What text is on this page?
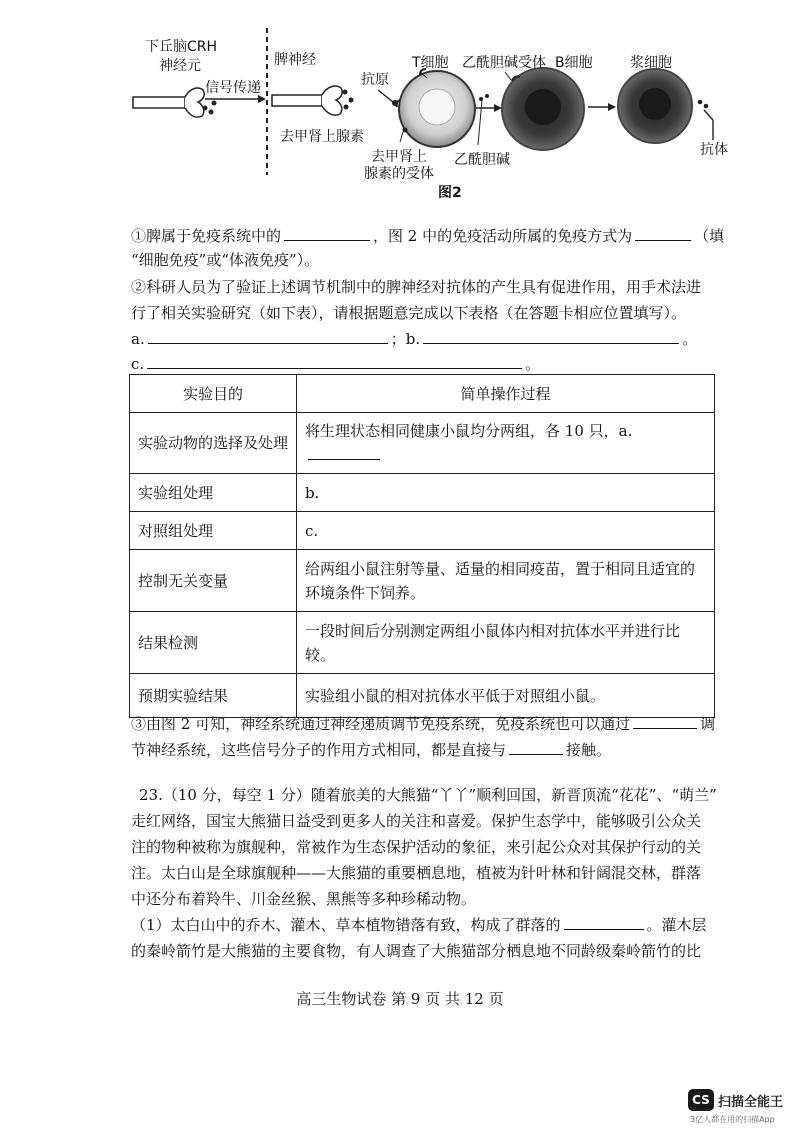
下丘脑CRH
神经元
信号传递
脾神经
去甲肾上腺素
抗原
T细胞 乙酰胆碱受体 B细胞	浆细胞
去甲肾上
腺素的受体
乙酰胆碱
抗体
图2
①脾属于免疫系统中的	，图 2 中的免疫活动所属的免疫方式为	（填
“细胞免疫”或“体液免疫”）。
②科研人员为了验证上述调节机制中的脾神经对抗体的产生具有促进作用，用手术法进
行了相关实验研究（如下表），请根据题意完成以下表格（在答题卡相应位置填写）。
a.	；b.	。
c.	。
实验目的	简单操作过程
实验动物的选择及处理	将生理状态相同健康小鼠均分两组，各 10 只，a.
实验组处理	b.
对照组处理	c.
控制无关变量	给两组小鼠注射等量、适量的相同疫苗，置于相同且适宜的环境条件下饲养。
结果检测	一段时间后分别测定两组小鼠体内相对抗体水平并进行比较。
预期实验结果	实验组小鼠的相对抗体水平低于对照组小鼠。
③由图 2 可知，神经系统通过神经递质调节免疫系统，免疫系统也可以通过	调
节神经系统，这些信号分子的作用方式相同，都是直接与	接触。
23.（10 分，每空 1 分）随着旅美的大熊猫“丫丫”顺利回国，新晋顶流“花花”、“萌兰”
走红网络，国宝大熊猫日益受到更多人的关注和喜爱。保护生态学中，能够吸引公众关
注的物种被称为旗舰种，常被作为生态保护活动的象征，来引起公众对其保护行动的关
注。太白山是全球旗舰种——大熊猫的重要栖息地，植被为针叶林和针阔混交林，群落
中还分布着羚牛、川金丝猴、黑熊等多种珍稀动物。
（1）太白山中的乔木、灌木、草本植物错落有致，构成了群落的	。灌木层
的秦岭箭竹是大熊猫的主要食物，有人调查了大熊猫部分栖息地不同龄级秦岭箭竹的比
高三生物试卷 第 9 页 共 12 页
CS 扫描全能王
3亿人都在用的扫描App
